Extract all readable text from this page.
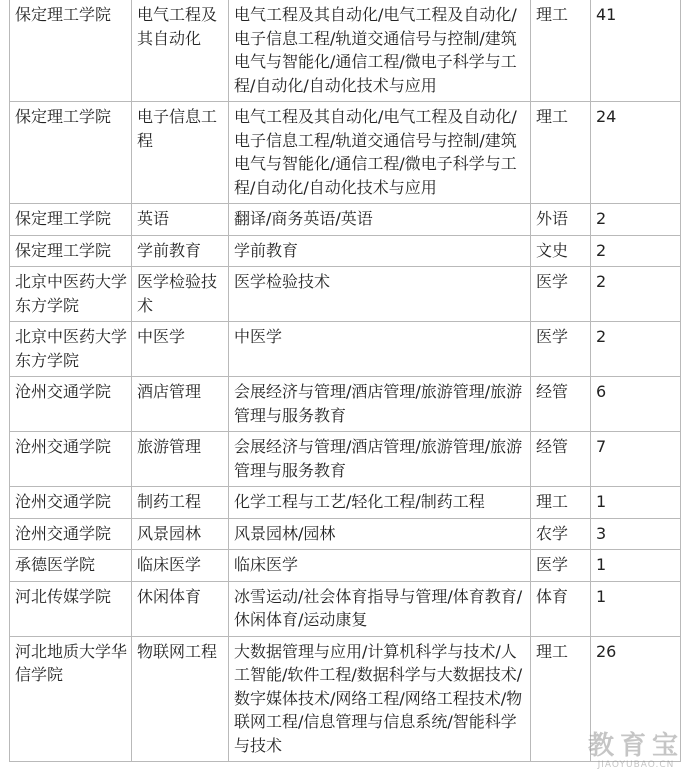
保定理工学院	电气工程及其自动化	电气工程及其自动化/电气工程及自动化/电子信息工程/轨道交通信号与控制/建筑电气与智能化/通信工程/微电子科学与工程/自动化/自动化技术与应用	理工	41
保定理工学院	电子信息工程	电气工程及其自动化/电气工程及自动化/电子信息工程/轨道交通信号与控制/建筑电气与智能化/通信工程/微电子科学与工程/自动化/自动化技术与应用	理工	24
保定理工学院	英语	翻译/商务英语/英语	外语	2
保定理工学院	学前教育	学前教育	文史	2
北京中医药大学东方学院	医学检验技术	医学检验技术	医学	2
北京中医药大学东方学院	中医学	中医学	医学	2
沧州交通学院	酒店管理	会展经济与管理/酒店管理/旅游管理/旅游管理与服务教育	经管	6
沧州交通学院	旅游管理	会展经济与管理/酒店管理/旅游管理/旅游管理与服务教育	经管	7
沧州交通学院	制药工程	化学工程与工艺/轻化工程/制药工程	理工	1
沧州交通学院	风景园林	风景园林/园林	农学	3
承德医学院	临床医学	临床医学	医学	1
河北传媒学院	休闲体育	冰雪运动/社会体育指导与管理/体育教育/休闲体育/运动康复	体育	1
河北地质大学华信学院	物联网工程	大数据管理与应用/计算机科学与技术/人工智能/软件工程/数据科学与大数据技术/数字媒体技术/网络工程/网络工程技术/物联网工程/信息管理与信息系统/智能科学与技术	理工	26
教育宝
JIAOYUBAO.CN
